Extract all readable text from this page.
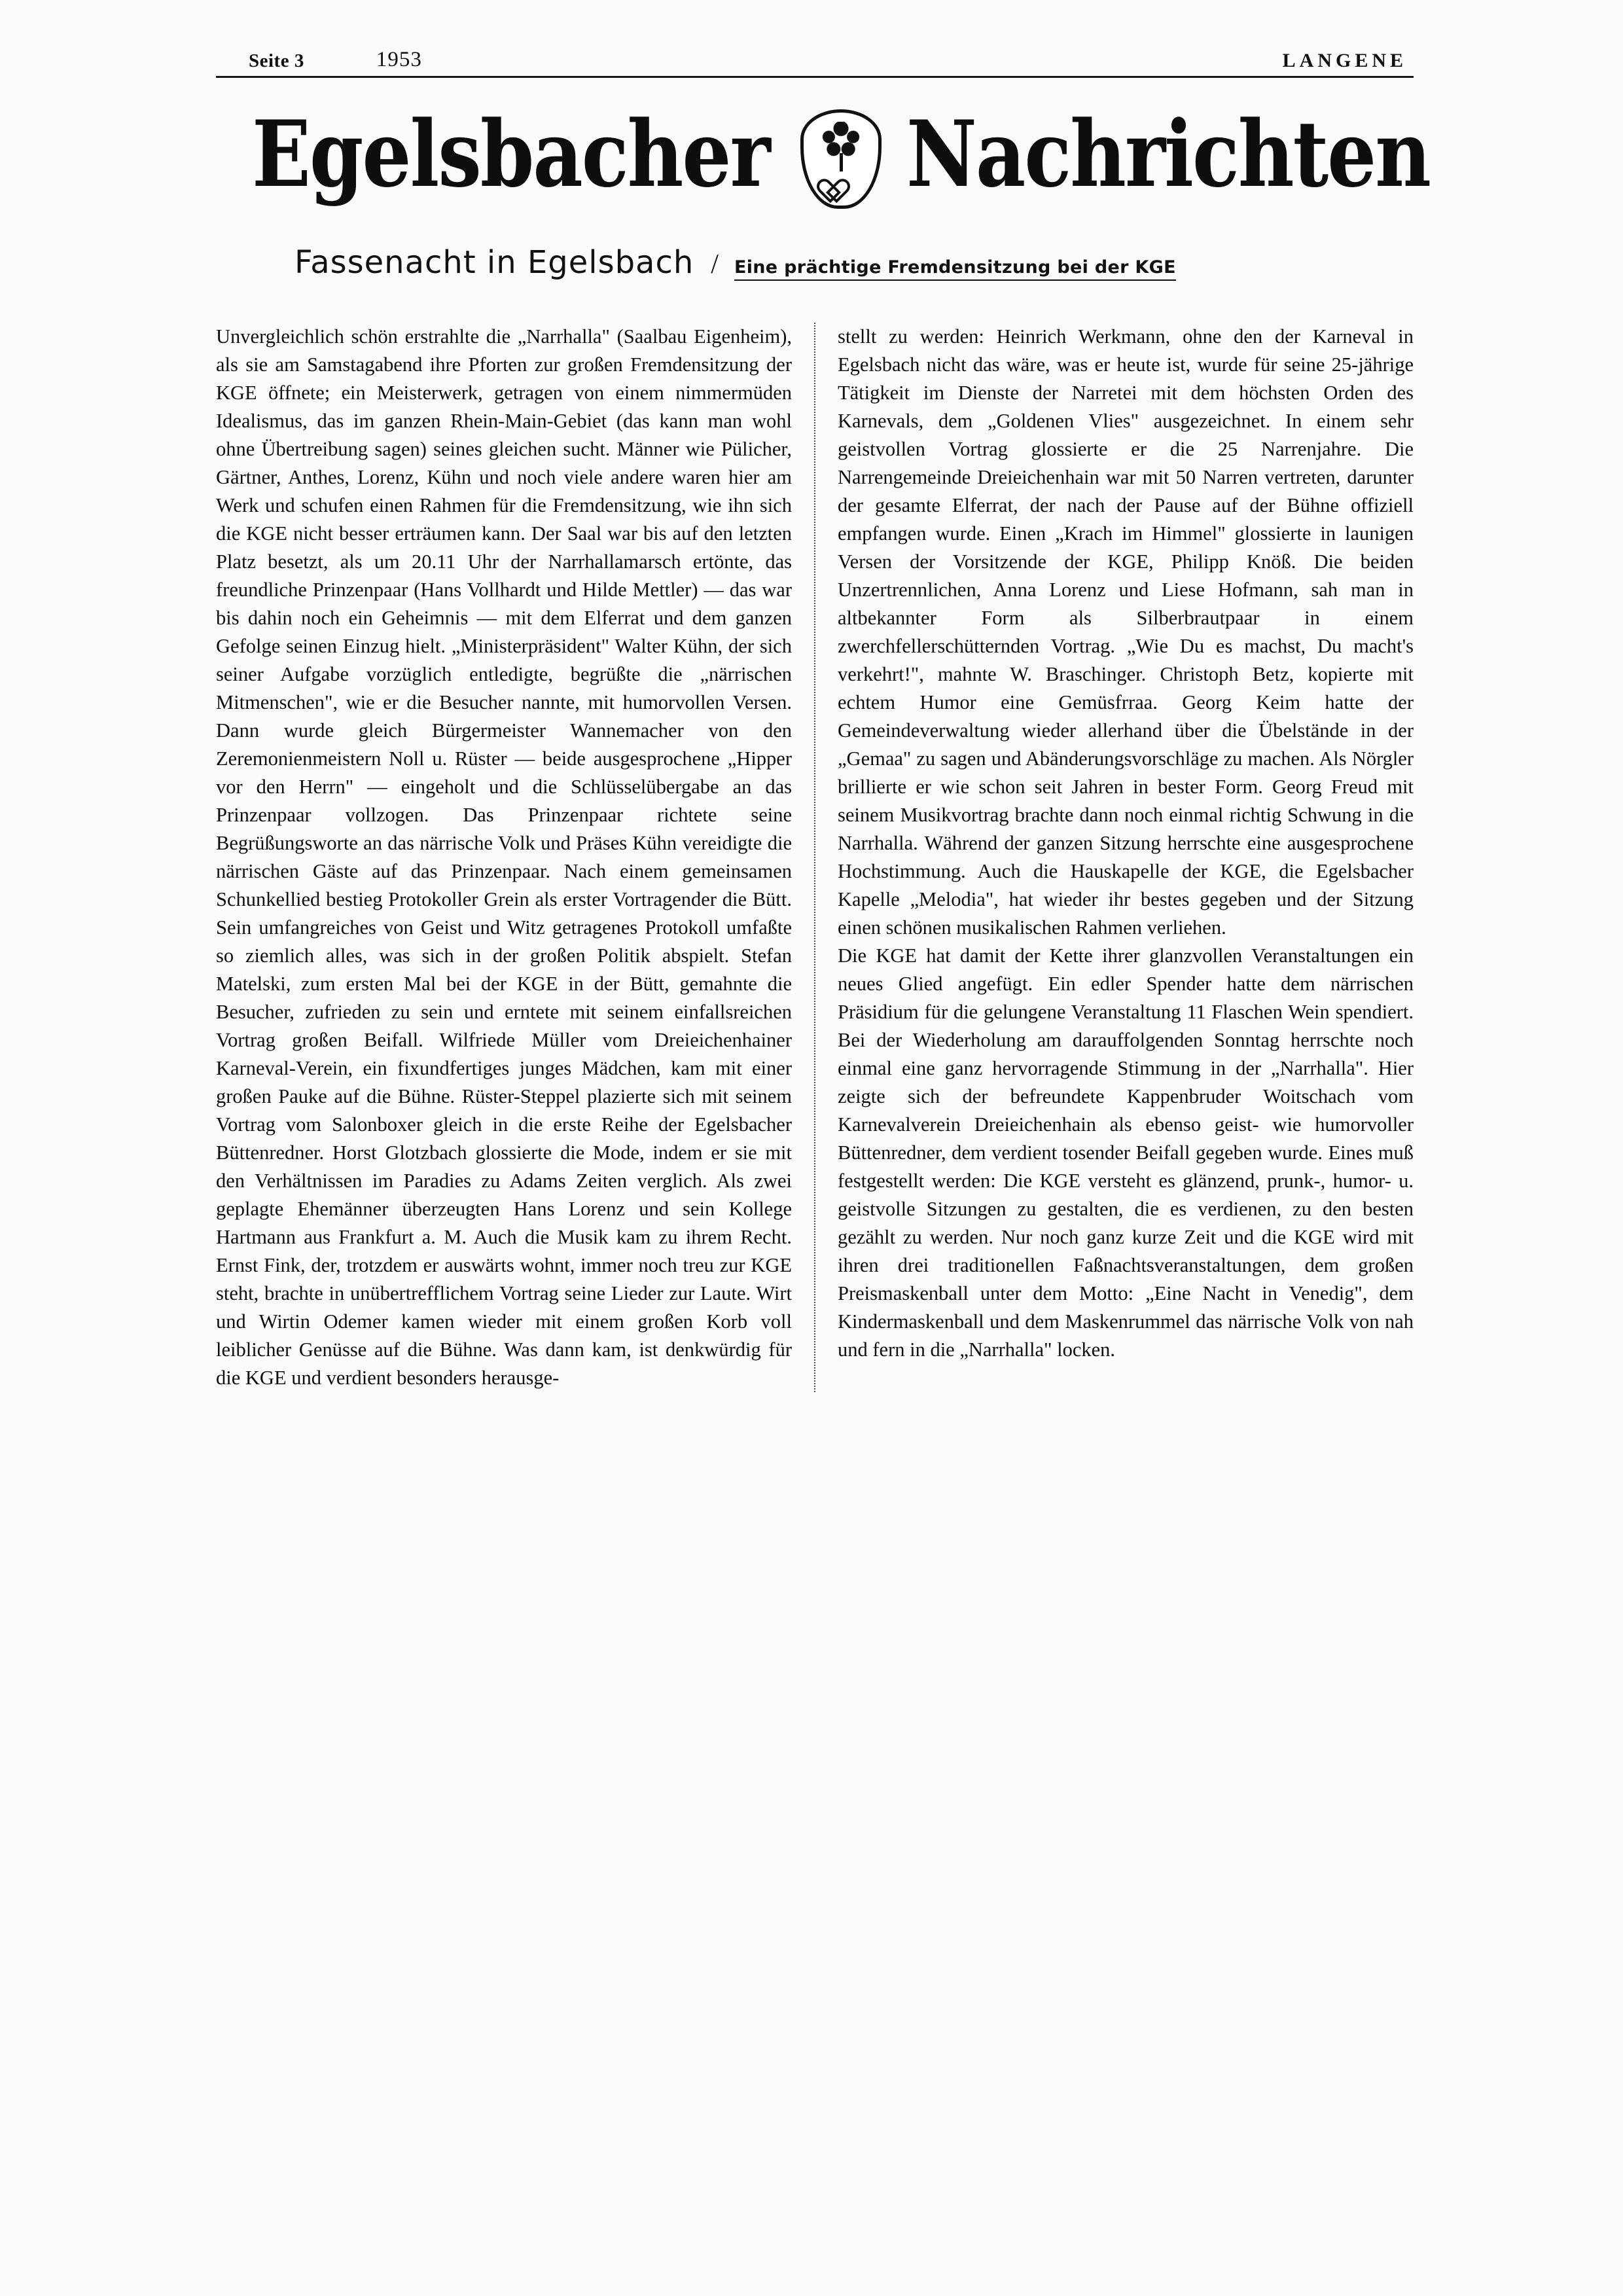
Seite 3	1953	LANGENE
Egelsbacher Nachrichten
Fassenacht in Egelsbach / Eine prächtige Fremdensitzung bei der KGE

Unvergleichlich schön erstrahlte die „Narrhalla" (Saalbau Eigenheim), als sie am Samstagabend ihre Pforten zur großen Fremdensitzung der KGE öffnete; ein Meisterwerk, getragen von einem nimmermüden Idealismus, das im ganzen Rhein-Main-Gebiet (das kann man wohl ohne Übertreibung sagen) seines gleichen sucht. Männer wie Pülicher, Gärtner, Anthes, Lorenz, Kühn und noch viele andere waren hier am Werk und schufen einen Rahmen für die Fremdensitzung, wie ihn sich die KGE nicht besser erträumen kann. Der Saal war bis auf den letzten Platz besetzt, als um 20.11 Uhr der Narrhallamarsch ertönte, das freundliche Prinzenpaar (Hans Vollhardt und Hilde Mettler) — das war bis dahin noch ein Geheimnis — mit dem Elferrat und dem ganzen Gefolge seinen Einzug hielt. „Ministerpräsident" Walter Kühn, der sich seiner Aufgabe vorzüglich entledigte, begrüßte die „närrischen Mitmenschen", wie er die Besucher nannte, mit humorvollen Versen. Dann wurde gleich Bürgermeister Wannemacher von den Zeremonienmeistern Noll u. Rüster — beide ausgesprochene „Hipper vor den Herrn" — eingeholt und die Schlüsselübergabe an das Prinzenpaar vollzogen. Das Prinzenpaar richtete seine Begrüßungsworte an das närrische Volk und Präses Kühn vereidigte die närrischen Gäste auf das Prinzenpaar. Nach einem gemeinsamen Schunkellied bestieg Protokoller Grein als erster Vortragender die Bütt. Sein umfangreiches von Geist und Witz getragenes Protokoll umfaßte so ziemlich alles, was sich in der großen Politik abspielt. Stefan Matelski, zum ersten Mal bei der KGE in der Bütt, gemahnte die Besucher, zufrieden zu sein und erntete mit seinem einfallsreichen Vortrag großen Beifall. Wilfriede Müller vom Dreieichenhainer Karneval-Verein, ein fixundfertiges junges Mädchen, kam mit einer großen Pauke auf die Bühne. Rüster-Steppel plazierte sich mit seinem Vortrag vom Salonboxer gleich in die erste Reihe der Egelsbacher Büttenredner. Horst Glotzbach glossierte die Mode, indem er sie mit den Verhältnissen im Paradies zu Adams Zeiten verglich. Als zwei geplagte Ehemänner überzeugten Hans Lorenz und sein Kollege Hartmann aus Frankfurt a. M. Auch die Musik kam zu ihrem Recht. Ernst Fink, der, trotzdem er auswärts wohnt, immer noch treu zur KGE steht, brachte in unübertrefflichem Vortrag seine Lieder zur Laute. Wirt und Wirtin Odemer kamen wieder mit einem großen Korb voll leiblicher Genüsse auf die Bühne. Was dann kam, ist denkwürdig für die KGE und verdient besonders herausge-

stellt zu werden: Heinrich Werkmann, ohne den der Karneval in Egelsbach nicht das wäre, was er heute ist, wurde für seine 25-jährige Tätigkeit im Dienste der Narretei mit dem höchsten Orden des Karnevals, dem „Goldenen Vlies" ausgezeichnet. In einem sehr geistvollen Vortrag glossierte er die 25 Narrenjahre. Die Narrengemeinde Dreieichenhain war mit 50 Narren vertreten, darunter der gesamte Elferrat, der nach der Pause auf der Bühne offiziell empfangen wurde. Einen „Krach im Himmel" glossierte in launigen Versen der Vorsitzende der KGE, Philipp Knöß. Die beiden Unzertrennlichen, Anna Lorenz und Liese Hofmann, sah man in altbekannter Form als Silberbrautpaar in einem zwerchfellerschütternden Vortrag. „Wie Du es machst, Du macht's verkehrt!", mahnte W. Braschinger. Christoph Betz, kopierte mit echtem Humor eine Gemüsfrraa. Georg Keim hatte der Gemeindeverwaltung wieder allerhand über die Übelstände in der „Gemaa" zu sagen und Abänderungsvorschläge zu machen. Als Nörgler brillierte er wie schon seit Jahren in bester Form. Georg Freud mit seinem Musikvortrag brachte dann noch einmal richtig Schwung in die Narrhalla. Während der ganzen Sitzung herrschte eine ausgesprochene Hochstimmung. Auch die Hauskapelle der KGE, die Egelsbacher Kapelle „Melodia", hat wieder ihr bestes gegeben und der Sitzung einen schönen musikalischen Rahmen verliehen.

Die KGE hat damit der Kette ihrer glanzvollen Veranstaltungen ein neues Glied angefügt. Ein edler Spender hatte dem närrischen Präsidium für die gelungene Veranstaltung 11 Flaschen Wein spendiert. Bei der Wiederholung am darauffolgenden Sonntag herrschte noch einmal eine ganz hervorragende Stimmung in der „Narrhalla". Hier zeigte sich der befreundete Kappenbruder Woitschach vom Karnevalverein Dreieichenhain als ebenso geist- wie humorvoller Büttenredner, dem verdient tosender Beifall gegeben wurde. Eines muß festgestellt werden: Die KGE versteht es glänzend, prunk-, humor- u. geistvolle Sitzungen zu gestalten, die es verdienen, zu den besten gezählt zu werden. Nur noch ganz kurze Zeit und die KGE wird mit ihren drei traditionellen Faßnachtsveranstaltungen, dem großen Preismaskenball unter dem Motto: „Eine Nacht in Venedig", dem Kindermaskenball und dem Maskenrummel das närrische Volk von nah und fern in die „Narrhalla" locken.
